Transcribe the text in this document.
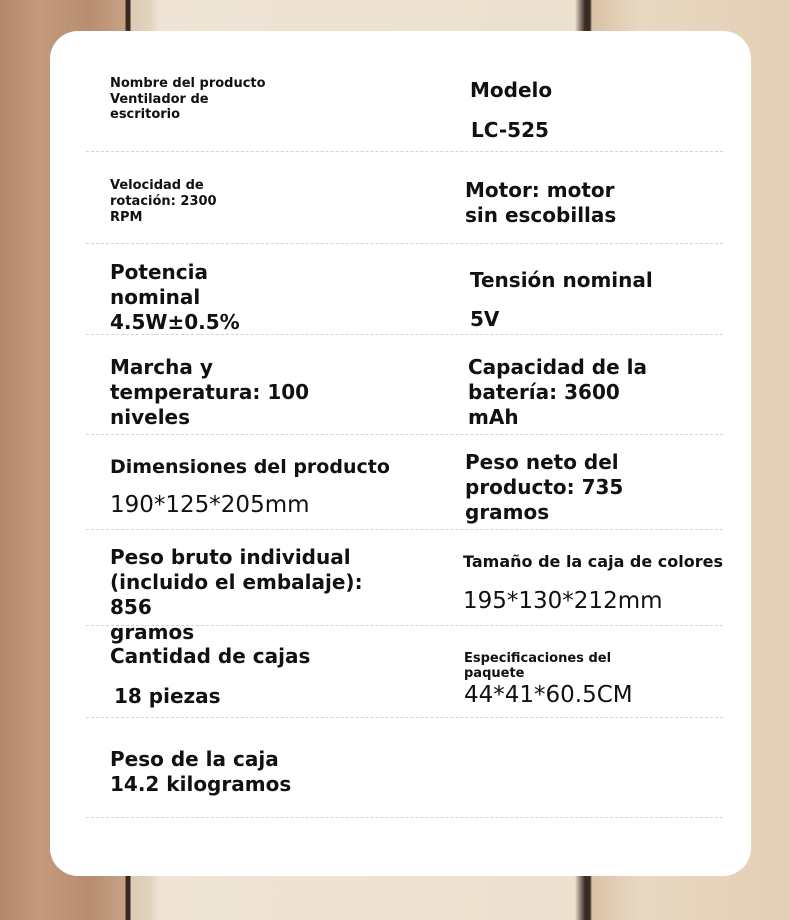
Nombre del producto
Ventilador de
escritorio
Modelo
LC-525
Velocidad de
rotación: 2300
RPM
Motor: motor
sin escobillas
Potencia
nominal
4.5W±0.5%
Tensión nominal
5V
Marcha y
temperatura: 100
niveles
Capacidad de la
batería: 3600
mAh
Dimensiones del producto
190*125*205mm
Peso neto del
producto: 735
gramos
Peso bruto individual
(incluido el embalaje):
856
gramos
Tamaño de la caja de colores
195*130*212mm
Cantidad de cajas
18 piezas
Especificaciones del
paquete
44*41*60.5CM
Peso de la caja
14.2 kilogramos
